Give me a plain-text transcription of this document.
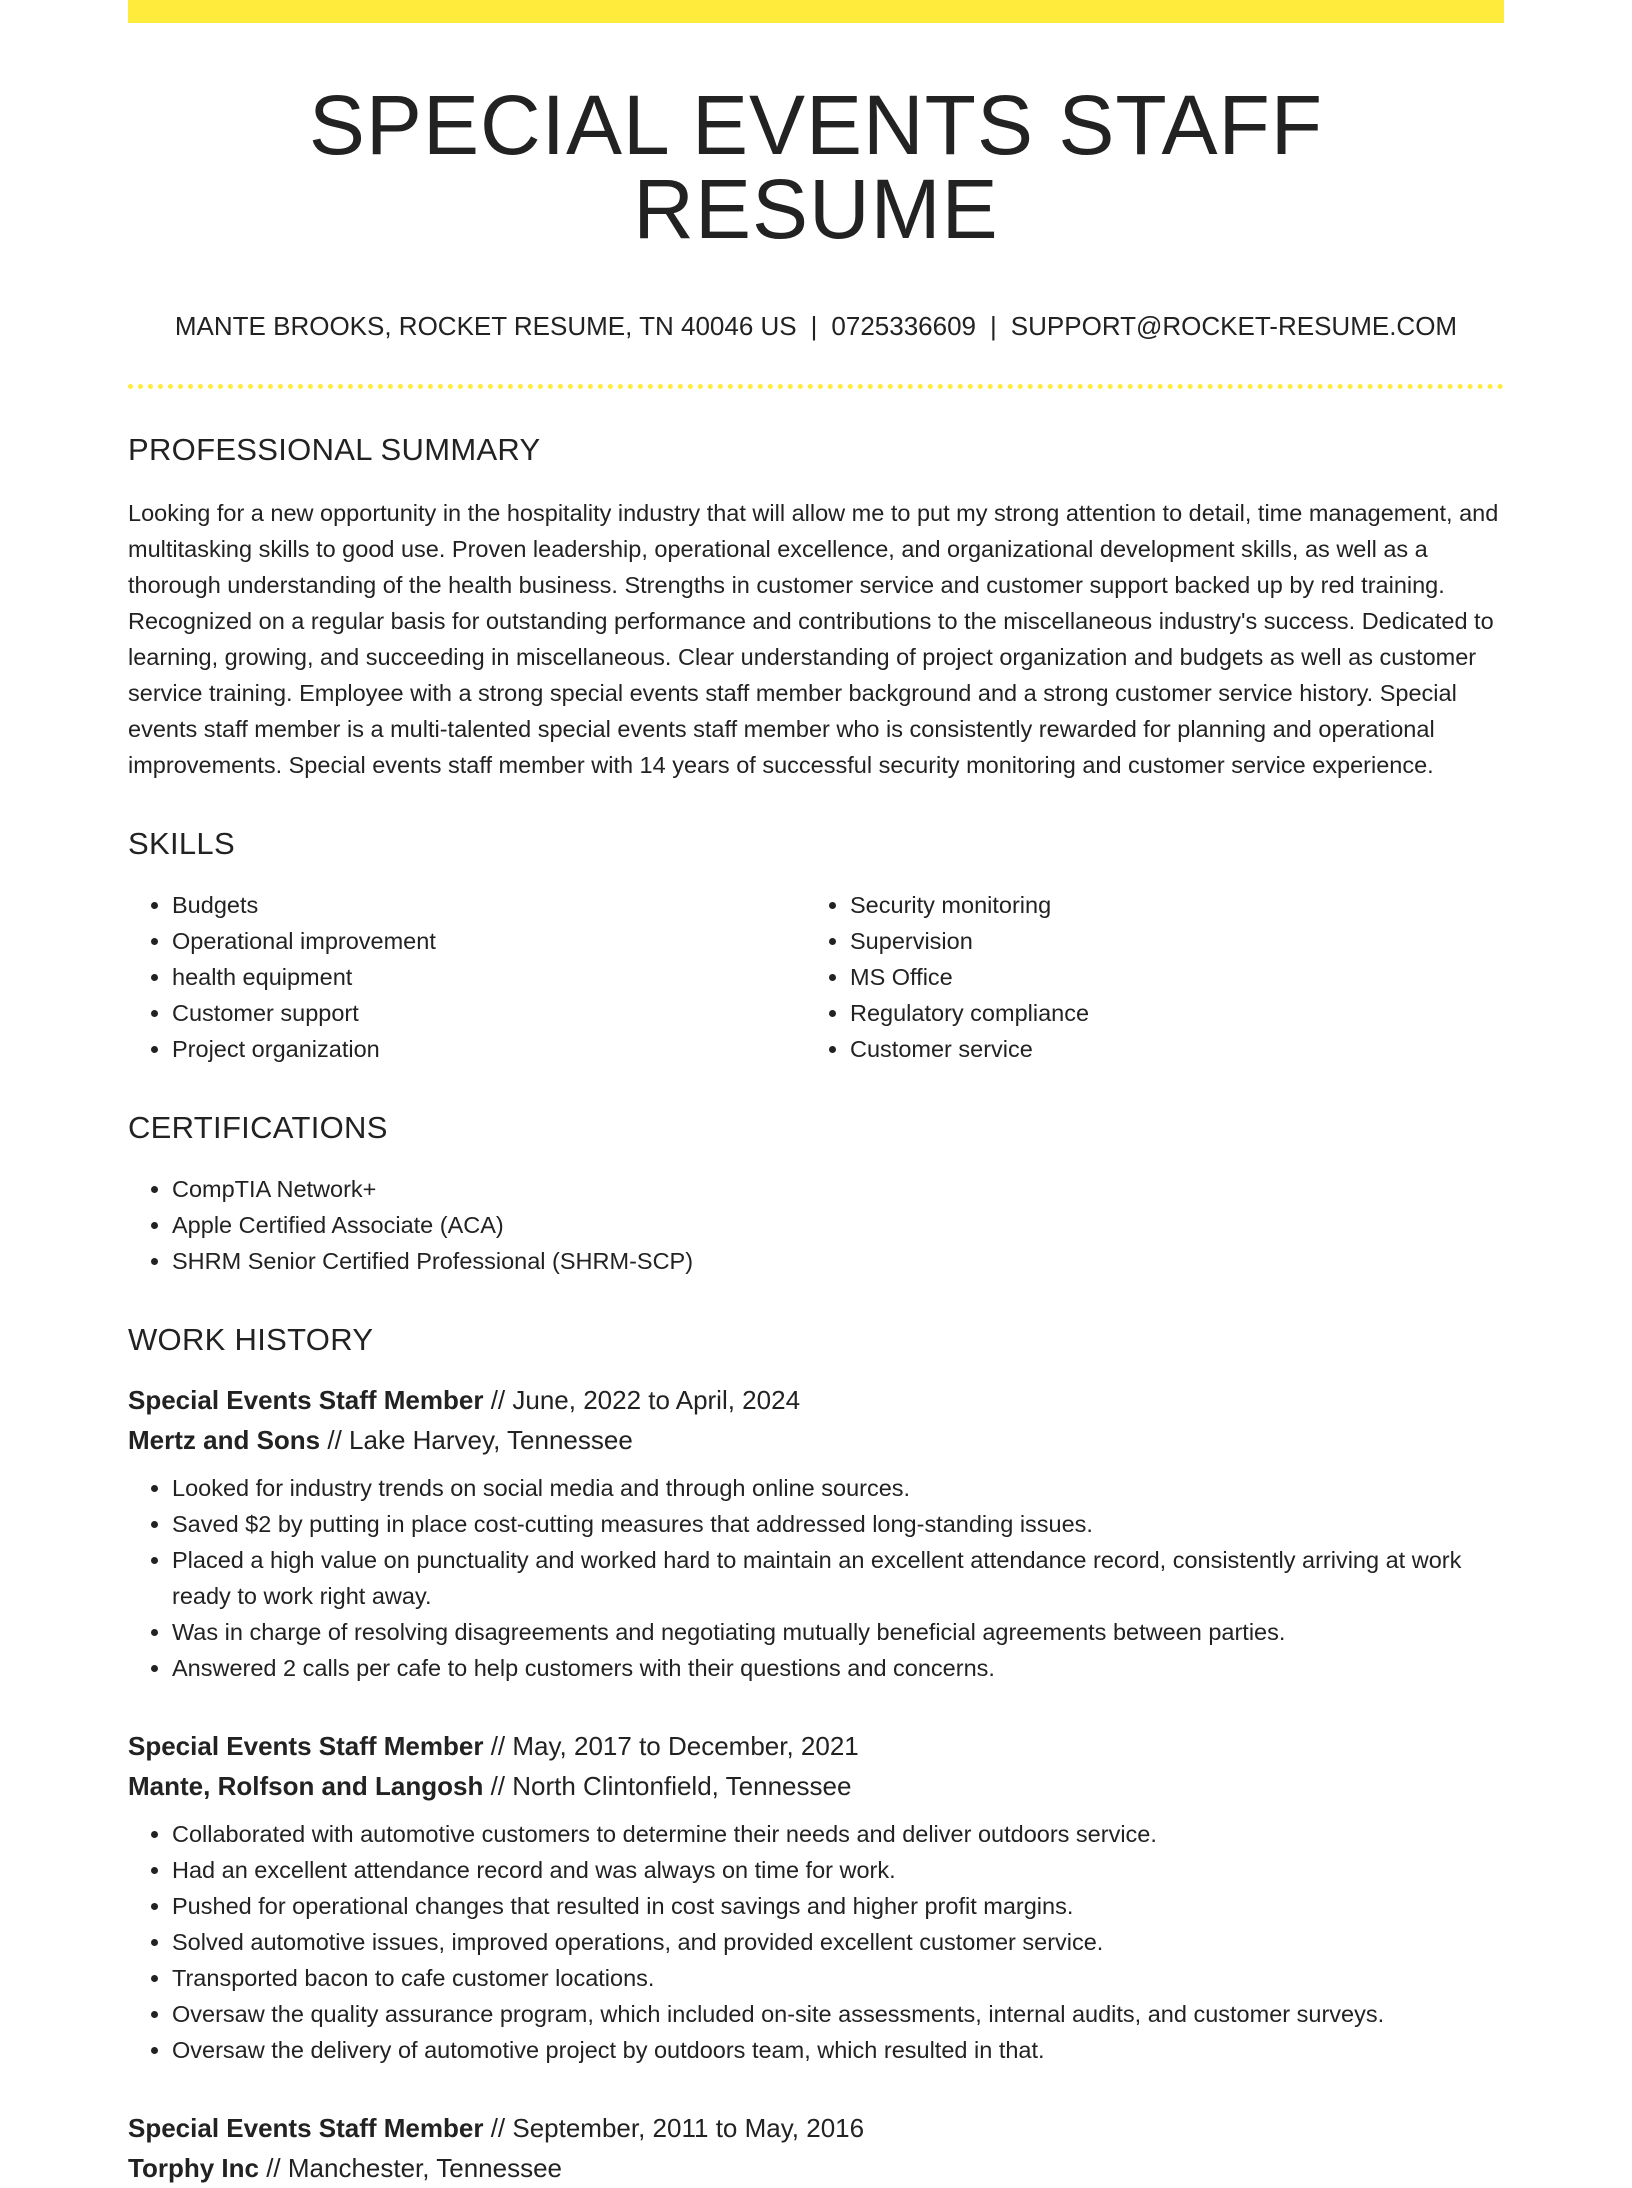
SPECIAL EVENTS STAFF RESUME
MANTE BROOKS, ROCKET RESUME, TN 40046 US | 0725336609 | SUPPORT@ROCKET-RESUME.COM
PROFESSIONAL SUMMARY

Looking for a new opportunity in the hospitality industry that will allow me to put my strong attention to detail, time management, and multitasking skills to good use. Proven leadership, operational excellence, and organizational development skills, as well as a thorough understanding of the health business. Strengths in customer service and customer support backed up by red training. Recognized on a regular basis for outstanding performance and contributions to the miscellaneous industry's success. Dedicated to learning, growing, and succeeding in miscellaneous. Clear understanding of project organization and budgets as well as customer service training. Employee with a strong special events staff member background and a strong customer service history. Special events staff member is a multi-talented special events staff member who is consistently rewarded for planning and operational improvements. Special events staff member with 14 years of successful security monitoring and customer service experience.

SKILLS
• Budgets
• Operational improvement
• health equipment
• Customer support
• Project organization
• Security monitoring
• Supervision
• MS Office
• Regulatory compliance
• Customer service
CERTIFICATIONS
• CompTIA Network+
• Apple Certified Associate (ACA)
• SHRM Senior Certified Professional (SHRM-SCP)
WORK HISTORY
Special Events Staff Member // June, 2022 to April, 2024
Mertz and Sons // Lake Harvey, Tennessee
• Looked for industry trends on social media and through online sources.
• Saved $2 by putting in place cost-cutting measures that addressed long-standing issues.
• Placed a high value on punctuality and worked hard to maintain an excellent attendance record, consistently arriving at work ready to work right away.
• Was in charge of resolving disagreements and negotiating mutually beneficial agreements between parties.
• Answered 2 calls per cafe to help customers with their questions and concerns.
Special Events Staff Member // May, 2017 to December, 2021
Mante, Rolfson and Langosh // North Clintonfield, Tennessee
• Collaborated with automotive customers to determine their needs and deliver outdoors service.
• Had an excellent attendance record and was always on time for work.
• Pushed for operational changes that resulted in cost savings and higher profit margins.
• Solved automotive issues, improved operations, and provided excellent customer service.
• Transported bacon to cafe customer locations.
• Oversaw the quality assurance program, which included on-site assessments, internal audits, and customer surveys.
• Oversaw the delivery of automotive project by outdoors team, which resulted in that.
Special Events Staff Member // September, 2011 to May, 2016
Torphy Inc // Manchester, Tennessee
